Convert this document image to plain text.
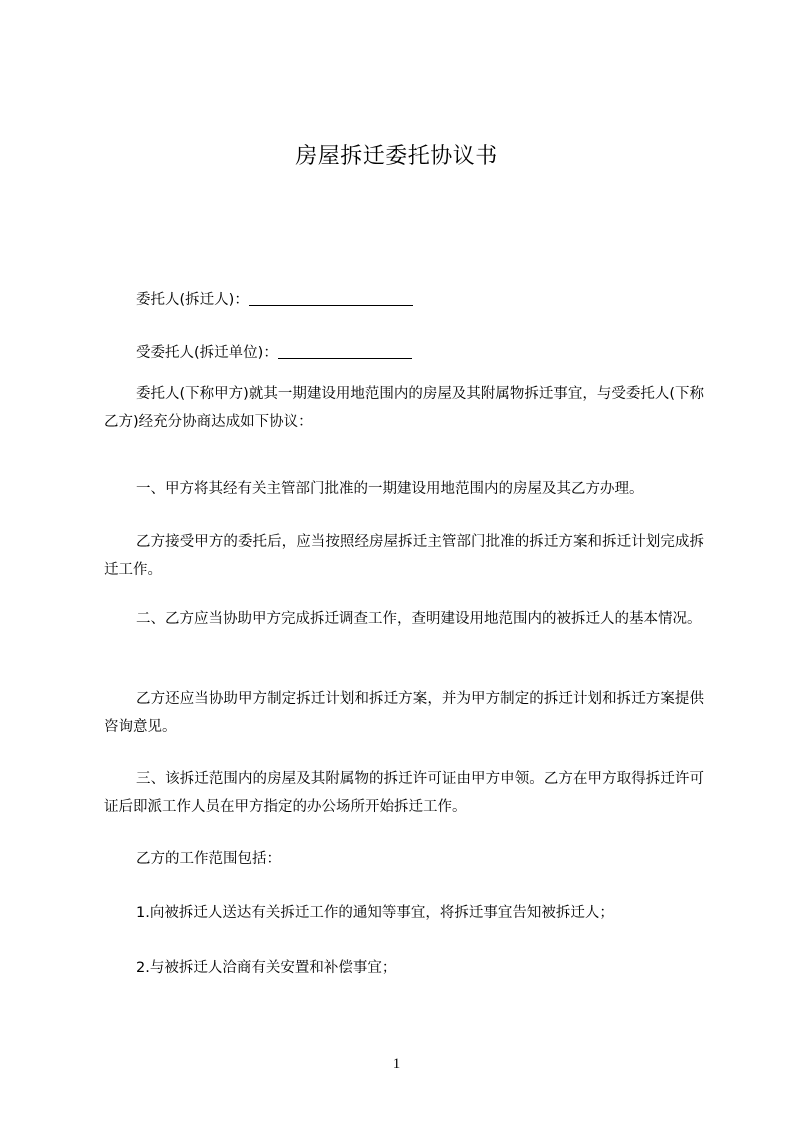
房屋拆迁委托协议书
委托人(拆迁人)：
受委托人(拆迁单位)：

委托人(下称甲方)就其一期建设用地范围内的房屋及其附属物拆迁事宜，与受委托人(下称乙方)经充分协商达成如下协议：

一、甲方将其经有关主管部门批准的一期建设用地范围内的房屋及其乙方办理。

乙方接受甲方的委托后，应当按照经房屋拆迁主管部门批准的拆迁方案和拆迁计划完成拆迁工作。

二、乙方应当协助甲方完成拆迁调查工作，查明建设用地范围内的被拆迁人的基本情况。

乙方还应当协助甲方制定拆迁计划和拆迁方案，并为甲方制定的拆迁计划和拆迁方案提供咨询意见。

三、该拆迁范围内的房屋及其附属物的拆迁许可证由甲方申领。乙方在甲方取得拆迁许可证后即派工作人员在甲方指定的办公场所开始拆迁工作。

乙方的工作范围包括：

1.向被拆迁人送达有关拆迁工作的通知等事宜，将拆迁事宜告知被拆迁人；

2.与被拆迁人洽商有关安置和补偿事宜；

1
